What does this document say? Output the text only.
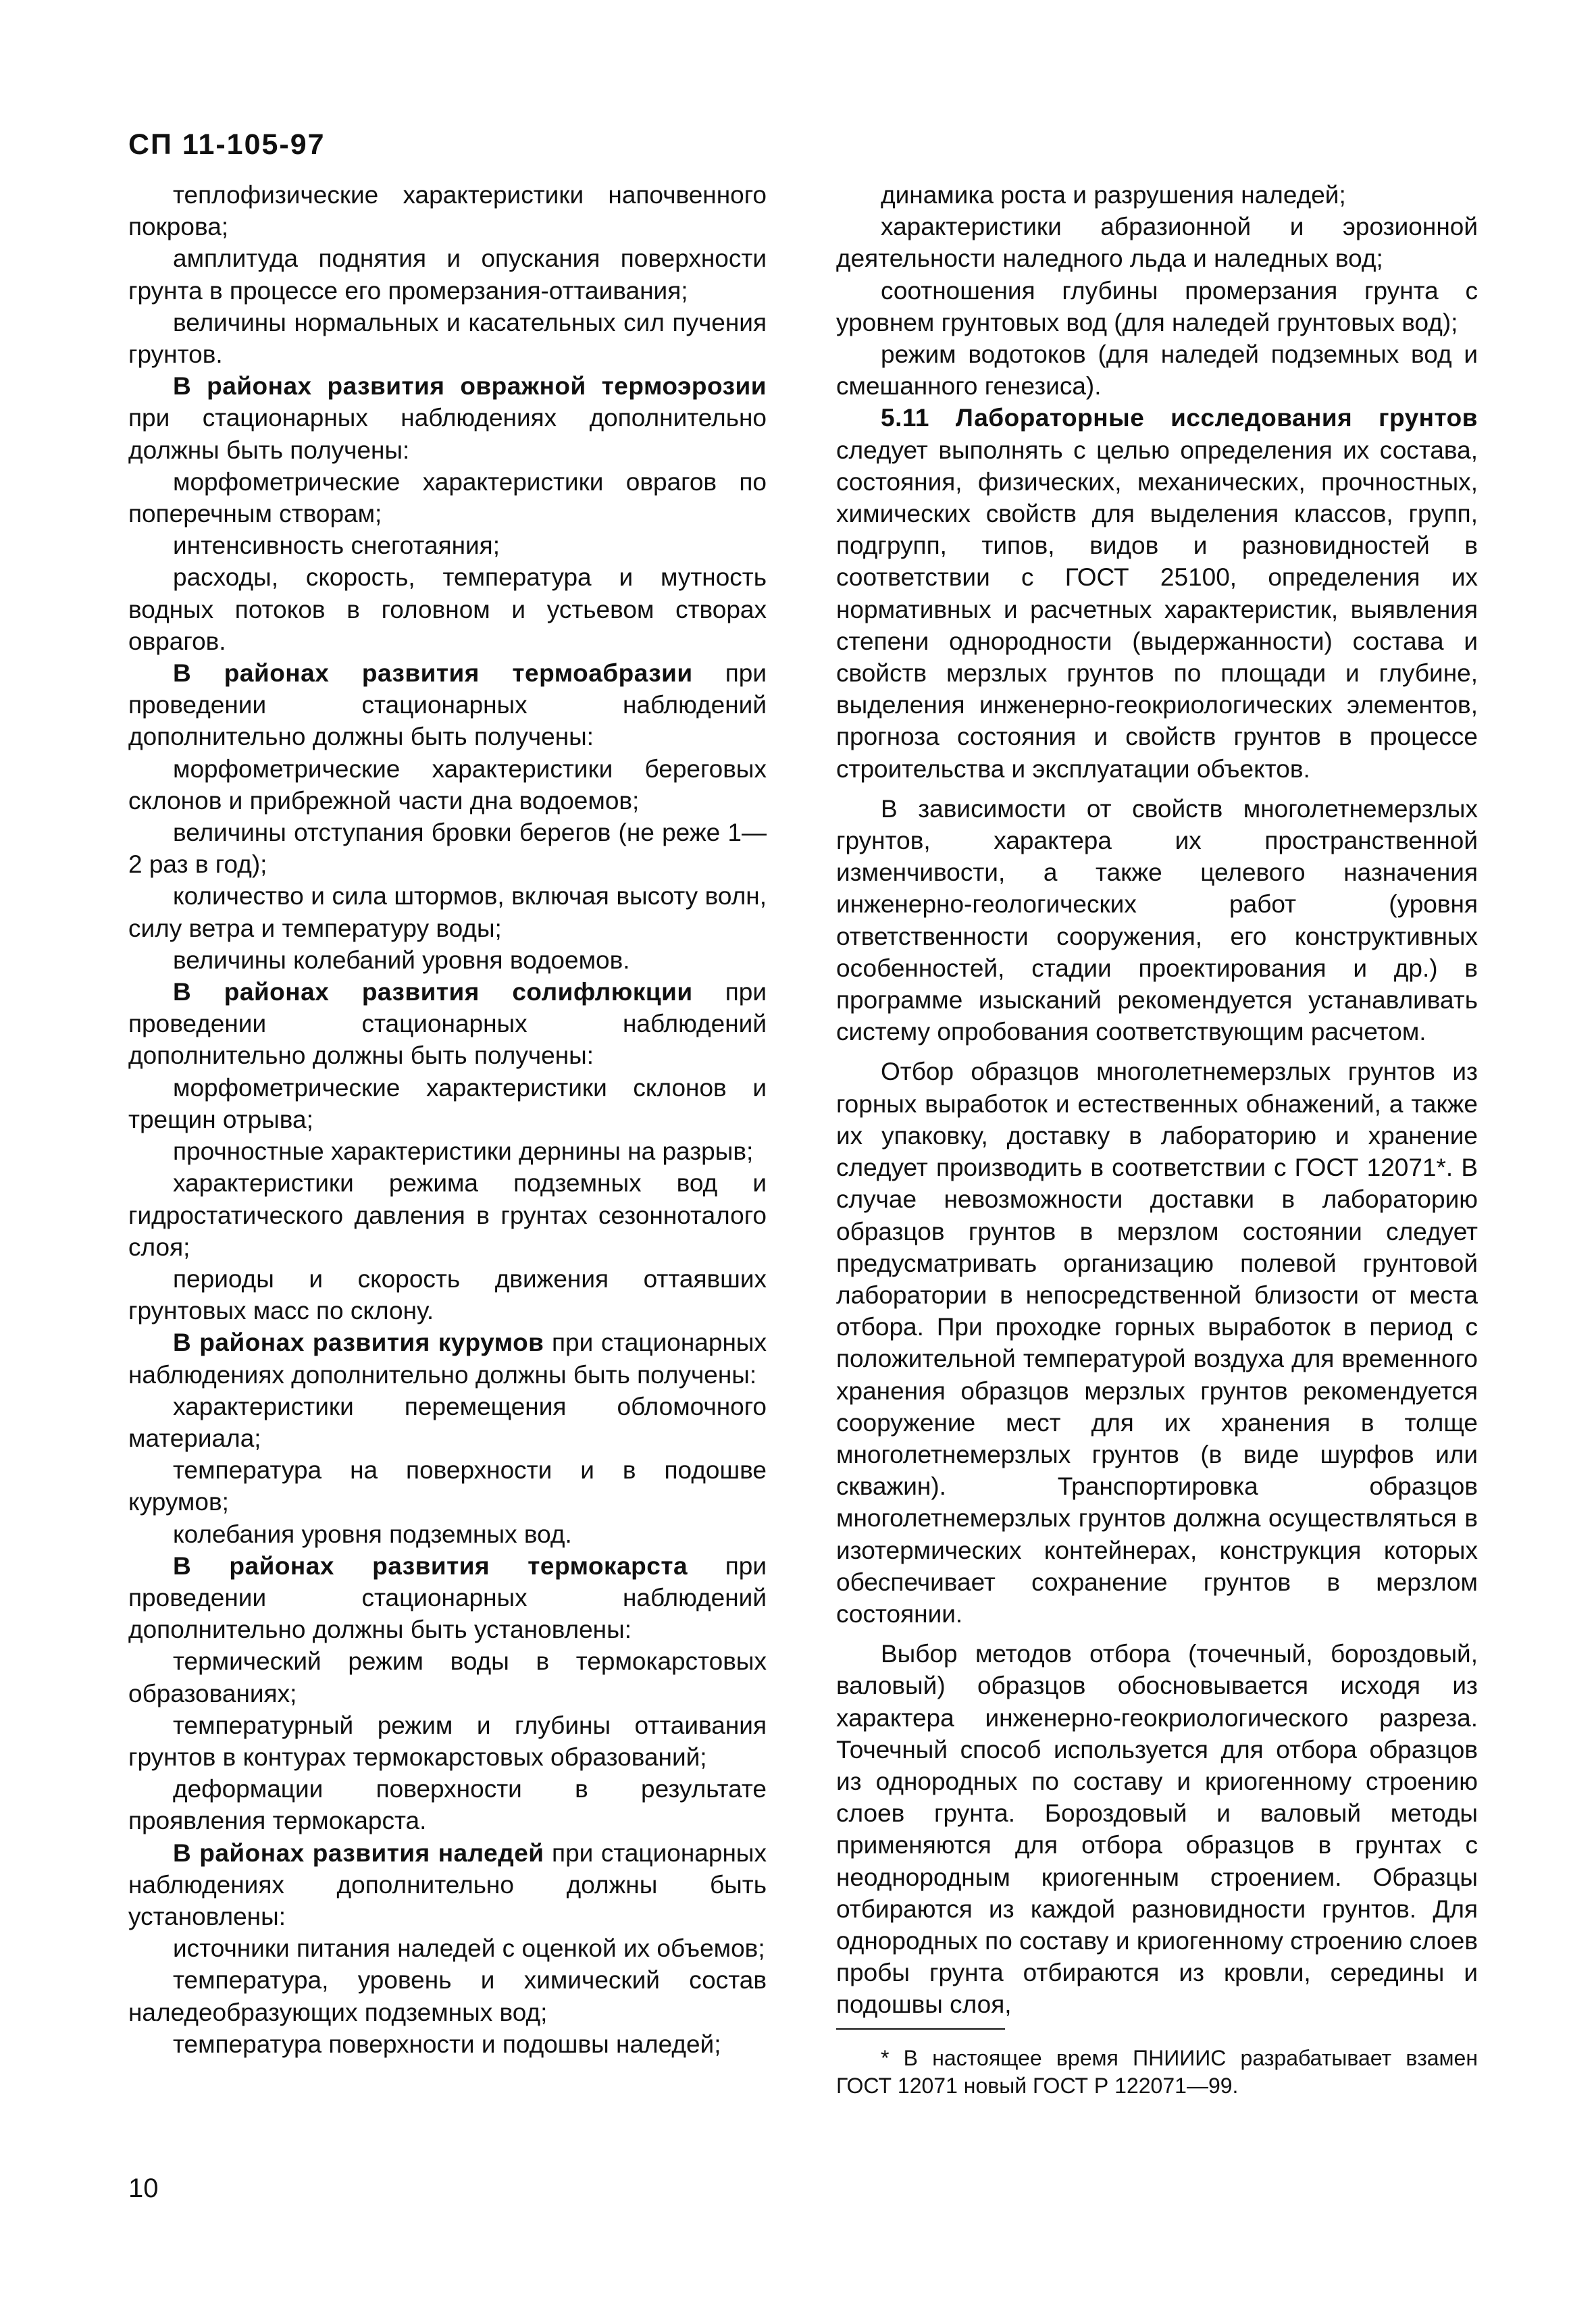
СП 11-105-97

теплофизические характеристики напочвенного покрова;

амплитуда поднятия и опускания поверхности грунта в процессе его промерзания-оттаивания;

величины нормальных и касательных сил пучения грунтов.

В районах развития овражной термоэрозии при стационарных наблюдениях дополнительно должны быть получены:

морфометрические характеристики оврагов по поперечным створам;

интенсивность снеготаяния;

расходы, скорость, температура и мутность водных потоков в головном и устьевом створах оврагов.

В районах развития термоабразии при проведении стационарных наблюдений дополнительно должны быть получены:

морфометрические характеристики береговых склонов и прибрежной части дна водоемов;

величины отступания бровки берегов (не реже 1—2 раз в год);

количество и сила штормов, включая высоту волн, силу ветра и температуру воды;

величины колебаний уровня водоемов.

В районах развития солифлюкции при проведении стационарных наблюдений дополнительно должны быть получены:

морфометрические характеристики склонов и трещин отрыва;

прочностные характеристики дернины на разрыв;

характеристики режима подземных вод и гидростатического давления в грунтах сезонноталого слоя;

периоды и скорость движения оттаявших грунтовых масс по склону.

В районах развития курумов при стационарных наблюдениях дополнительно должны быть получены:

характеристики перемещения обломочного материала;

температура на поверхности и в подошве курумов;

колебания уровня подземных вод.

В районах развития термокарста при проведении стационарных наблюдений дополнительно должны быть установлены:

термический режим воды в термокарстовых образованиях;

температурный режим и глубины оттаивания грунтов в контурах термокарстовых образований;

деформации поверхности в результате проявления термокарста.

В районах развития наледей при стационарных наблюдениях дополнительно должны быть установлены:

источники питания наледей с оценкой их объемов;

температура, уровень и химический состав наледеобразующих подземных вод;

температура поверхности и подошвы наледей;

динамика роста и разрушения наледей;

характеристики абразионной и эрозионной деятельности наледного льда и наледных вод;

соотношения глубины промерзания грунта с уровнем грунтовых вод (для наледей грунтовых вод);

режим водотоков (для наледей подземных вод и смешанного генезиса).

5.11 Лабораторные исследования грунтов следует выполнять с целью определения их состава, состояния, физических, механических, прочностных, химических свойств для выделения классов, групп, подгрупп, типов, видов и разновидностей в соответствии с ГОСТ 25100, определения их нормативных и расчетных характеристик, выявления степени однородности (выдержанности) состава и свойств мерзлых грунтов по площади и глубине, выделения инженерно-геокриологических элементов, прогноза состояния и свойств грунтов в процессе строительства и эксплуатации объектов.

В зависимости от свойств многолетнемерзлых грунтов, характера их пространственной изменчивости, а также целевого назначения инженерно-геологических работ (уровня ответственности сооружения, его конструктивных особенностей, стадии проектирования и др.) в программе изысканий рекомендуется устанавливать систему опробования соответствующим расчетом.

Отбор образцов многолетнемерзлых грунтов из горных выработок и естественных обнажений, а также их упаковку, доставку в лабораторию и хранение следует производить в соответствии с ГОСТ 12071*. В случае невозможности доставки в лабораторию образцов грунтов в мерзлом состоянии следует предусматривать организацию полевой грунтовой лаборатории в непосредственной близости от места отбора. При проходке горных выработок в период с положительной температурой воздуха для временного хранения образцов мерзлых грунтов рекомендуется сооружение мест для их хранения в толще многолетнемерзлых грунтов (в виде шурфов или скважин). Транспортировка образцов многолетнемерзлых грунтов должна осуществляться в изотермических контейнерах, конструкция которых обеспечивает сохранение грунтов в мерзлом состоянии.

Выбор методов отбора (точечный, бороздовый, валовый) образцов обосновывается исходя из характера инженерно-геокриологического разреза. Точечный способ используется для отбора образцов из однородных по составу и криогенному строению слоев грунта. Бороздовый и валовый методы применяются для отбора образцов в грунтах с неоднородным криогенным строением. Образцы отбираются из каждой разновидности грунтов. Для однородных по составу и криогенному строению слоев пробы грунта отбираются из кровли, середины и подошвы слоя,

* В настоящее время ПНИИИС разрабатывает взамен ГОСТ 12071 новый ГОСТ Р 122071—99.

10
